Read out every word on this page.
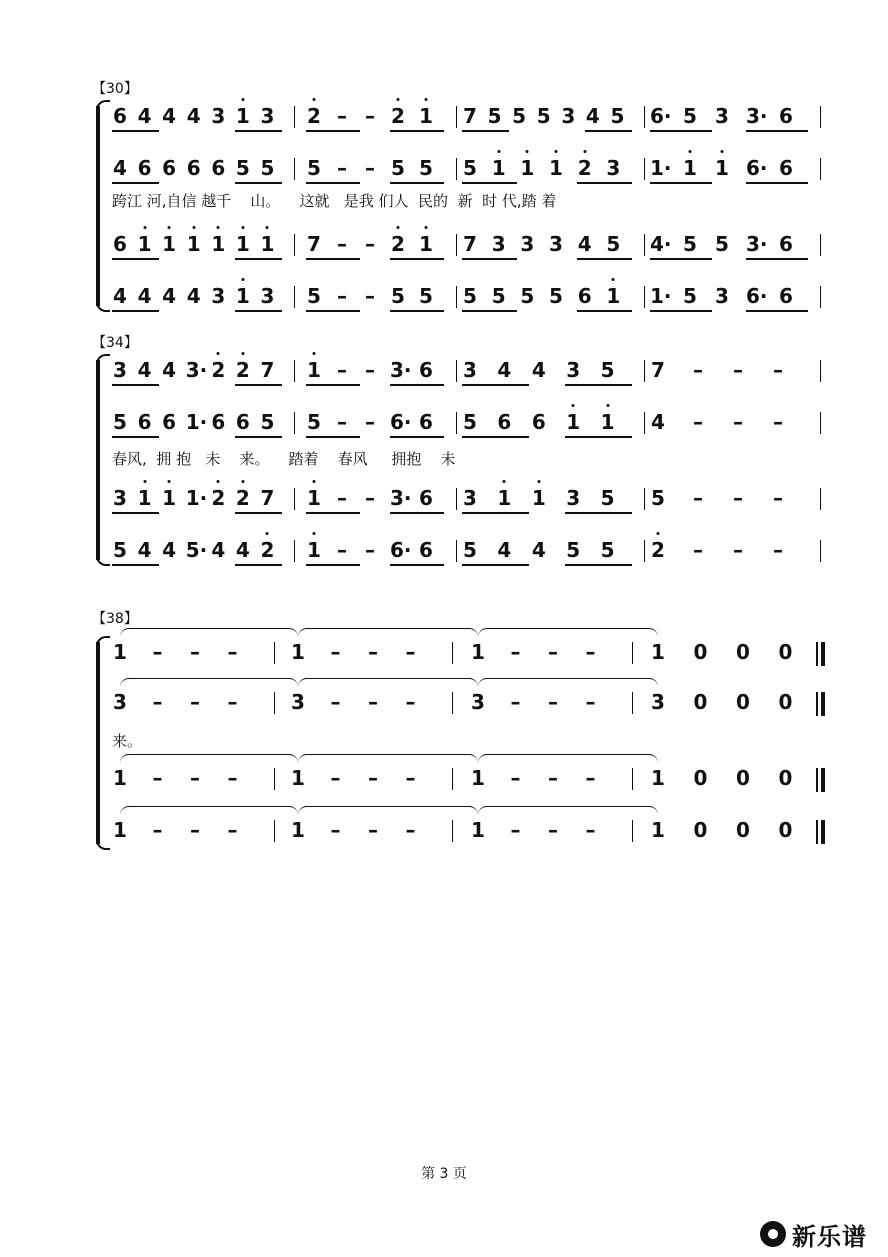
【30】
6 4 4 4 3 1 3 2 – – 2 1 7 5 5 5 3 4 5 6· 5 3 3· 6
4 6 6 6 6 5 5 5 – – 5 5 5 1 1 1 2 3 1· 1 1 6· 6
跨江 河,自信 越千    山。    这就   是我 们人  民的  新  时 代,踏 着
6 1 1 1 1 1 1 7 – – 2 1 7 3 3 3 4 5 4· 5 5 3· 6
4 4 4 4 3 1 3 5 – – 5 5 5 5 5 5 6 1 1· 5 3 6· 6
【34】
3 4 4 3· 2 2 7 1 – – 3· 6 3 4 4 3 5 7 – – –
5 6 6 1· 6 6 5 5 – – 6· 6 5 6 6 1 1 4 – – –
春风,  拥 抱   未    来。    踏着    春风     拥抱    未
3 1 1 1· 2 2 7 1 – – 3· 6 3 1 1 3 5 5 – – –
5 4 4 5· 4 4 2 1 – – 6· 6 5 4 4 5 5 2 – – –
【38】
1 – – –	1 – – –	1 – – –	1 0 0 0
3 – – –	3 – – –	3 – – –	3 0 0 0
来。
1 – – –	1 – – –	1 – – –	1 0 0 0
1 – – –	1 – – –	1 – – –	1 0 0 0
第 3 页
新乐谱
